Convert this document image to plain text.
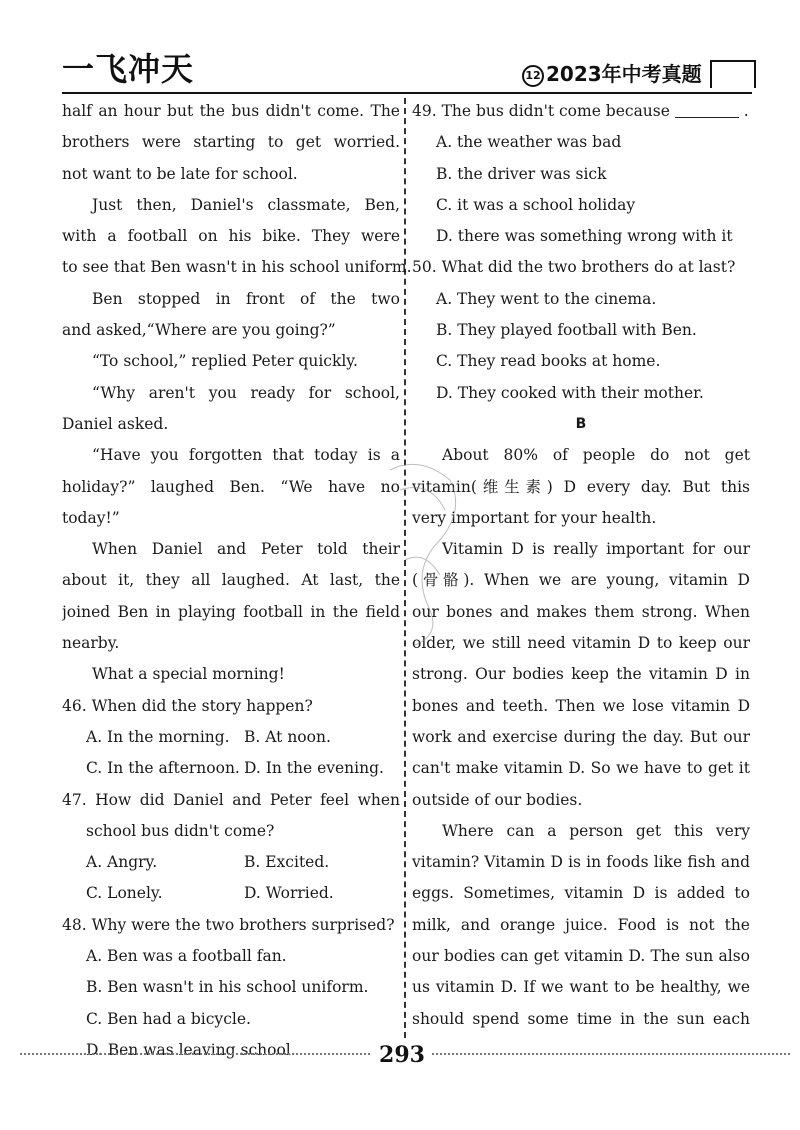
一飞冲天	12 2023年中考真题
half an hour but the bus didn't come. The
brothers were starting to get worried.
not want to be late for school.
Just then, Daniel's classmate, Ben,
with a football on his bike. They were
to see that Ben wasn't in his school uniform.
Ben stopped in front of the two
and asked,“Where are you going?”
“To school,” replied Peter quickly.
“Why aren't you ready for school,
Daniel asked.
“Have you forgotten that today is a
holiday?” laughed Ben. “We have no
today!”
When Daniel and Peter told their
about it, they all laughed. At last, the
joined Ben in playing football in the field
nearby.
What a special morning!
46. When did the story happen?
A. In the morning. B. At noon.
C. In the afternoon. D. In the evening.
47. How did Daniel and Peter feel when
school bus didn't come?
A. Angry.	B. Excited.
C. Lonely.	D. Worried.
48. Why were the two brothers surprised?
A. Ben was a football fan.
B. Ben wasn't in his school uniform.
C. Ben had a bicycle.
D. Ben was leaving school.
49. The bus didn't come because	.
A. the weather was bad
B. the driver was sick
C. it was a school holiday
D. there was something wrong with it
50. What did the two brothers do at last?
A. They went to the cinema.
B. They played football with Ben.
C. They read books at home.
D. They cooked with their mother.
B
About 80% of people do not get
vitamin(维生素) D every day. But this
very important for your health.
Vitamin D is really important for our
(骨骼). When we are young, vitamin D
our bones and makes them strong. When
older, we still need vitamin D to keep our
strong. Our bodies keep the vitamin D in
bones and teeth. Then we lose vitamin D
work and exercise during the day. But our
can't make vitamin D. So we have to get it
outside of our bodies.
Where can a person get this very
vitamin? Vitamin D is in foods like fish and
eggs. Sometimes, vitamin D is added to
milk, and orange juice. Food is not the
our bodies can get vitamin D. The sun also
us vitamin D. If we want to be healthy, we
should spend some time in the sun each
293
